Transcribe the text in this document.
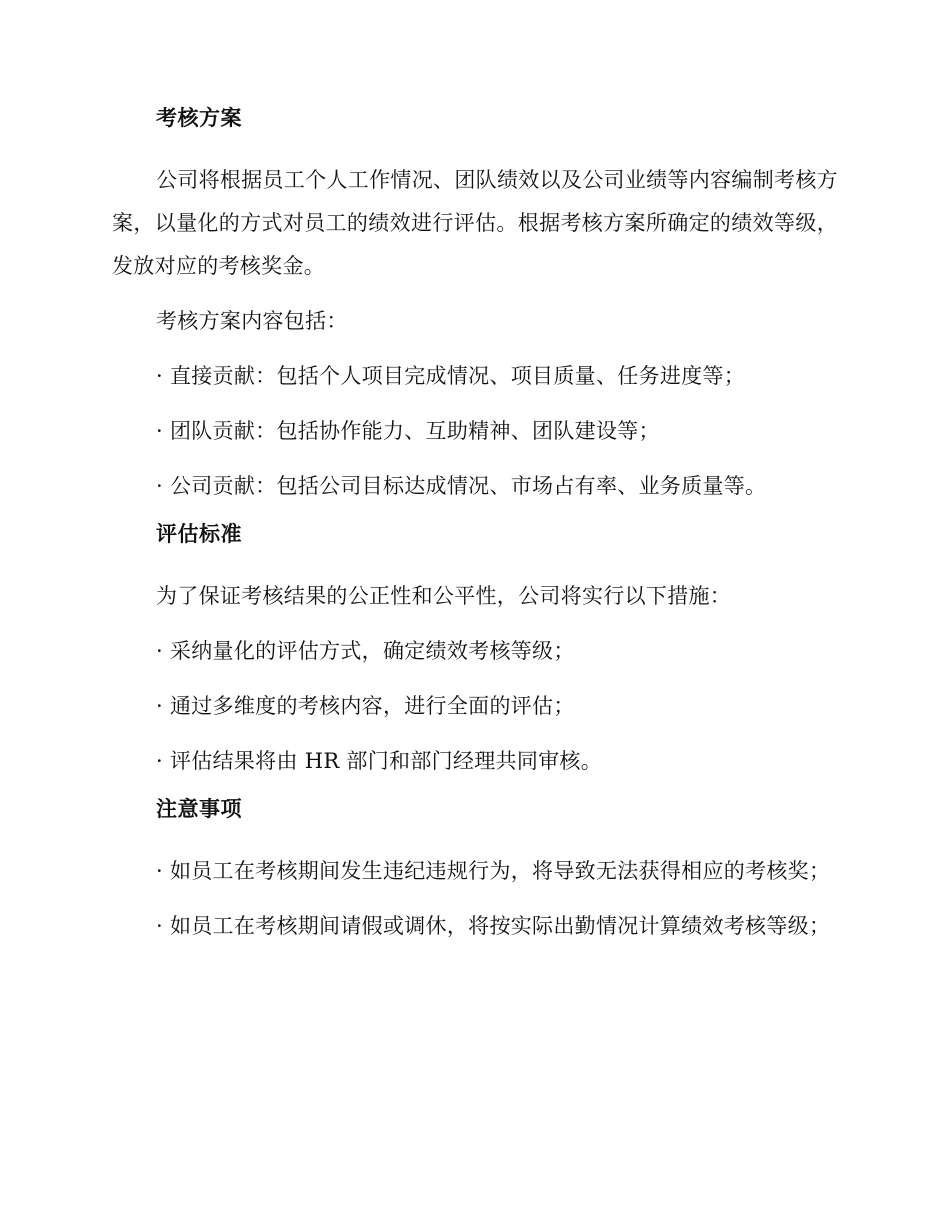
考核方案

公司将根据员工个人工作情况、团队绩效以及公司业绩等内容编制考核方案，以量化的方式对员工的绩效进行评估。根据考核方案所确定的绩效等级，发放对应的考核奖金。

考核方案内容包括：

· 直接贡献：包括个人项目完成情况、项目质量、任务进度等；

· 团队贡献：包括协作能力、互助精神、团队建设等；

· 公司贡献：包括公司目标达成情况、市场占有率、业务质量等。

评估标准

为了保证考核结果的公正性和公平性，公司将实行以下措施：

· 采纳量化的评估方式，确定绩效考核等级；

· 通过多维度的考核内容，进行全面的评估；

· 评估结果将由 HR 部门和部门经理共同审核。

注意事项

· 如员工在考核期间发生违纪违规行为，将导致无法获得相应的考核奖；

· 如员工在考核期间请假或调休，将按实际出勤情况计算绩效考核等级；
